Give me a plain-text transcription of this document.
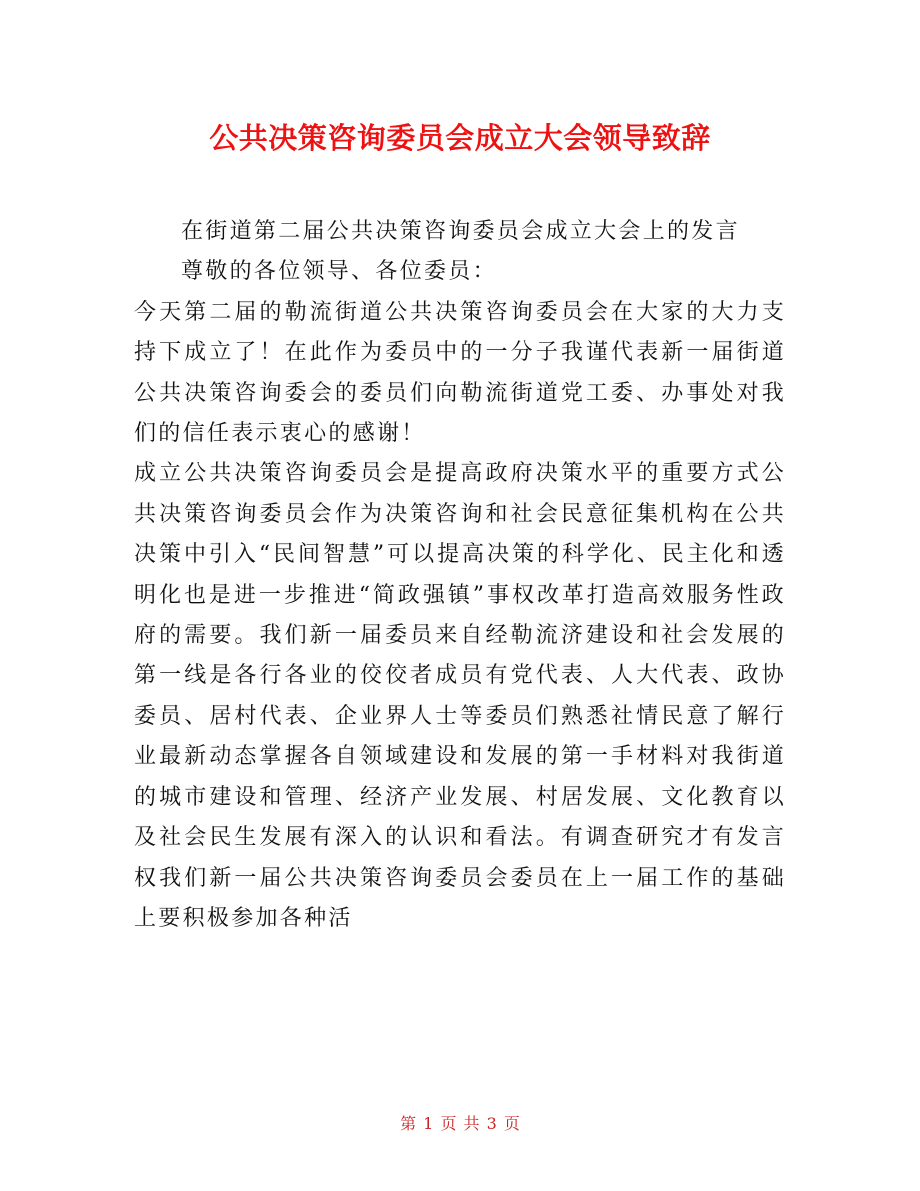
公共决策咨询委员会成立大会领导致辞

在街道第二届公共决策咨询委员会成立大会上的发言

尊敬的各位领导、各位委员：

今天第二届的勒流街道公共决策咨询委员会在大家的大力支持下成立了！在此作为委员中的一分子我谨代表新一届街道公共决策咨询委会的委员们向勒流街道党工委、办事处对我们的信任表示衷心的感谢！

成立公共决策咨询委员会是提高政府决策水平的重要方式公共决策咨询委员会作为决策咨询和社会民意征集机构在公共决策中引入“民间智慧”可以提高决策的科学化、民主化和透明化也是进一步推进“简政强镇”事权改革打造高效服务性政府的需要。我们新一届委员来自经勒流济建设和社会发展的第一线是各行各业的佼佼者成员有党代表、人大代表、政协委员、居村代表、企业界人士等委员们熟悉社情民意了解行业最新动态掌握各自领域建设和发展的第一手材料对我街道的城市建设和管理、经济产业发展、村居发展、文化教育以及社会民生发展有深入的认识和看法。有调查研究才有发言权我们新一届公共决策咨询委员会委员在上一届工作的基础上要积极参加各种活

第 1 页 共 3 页
